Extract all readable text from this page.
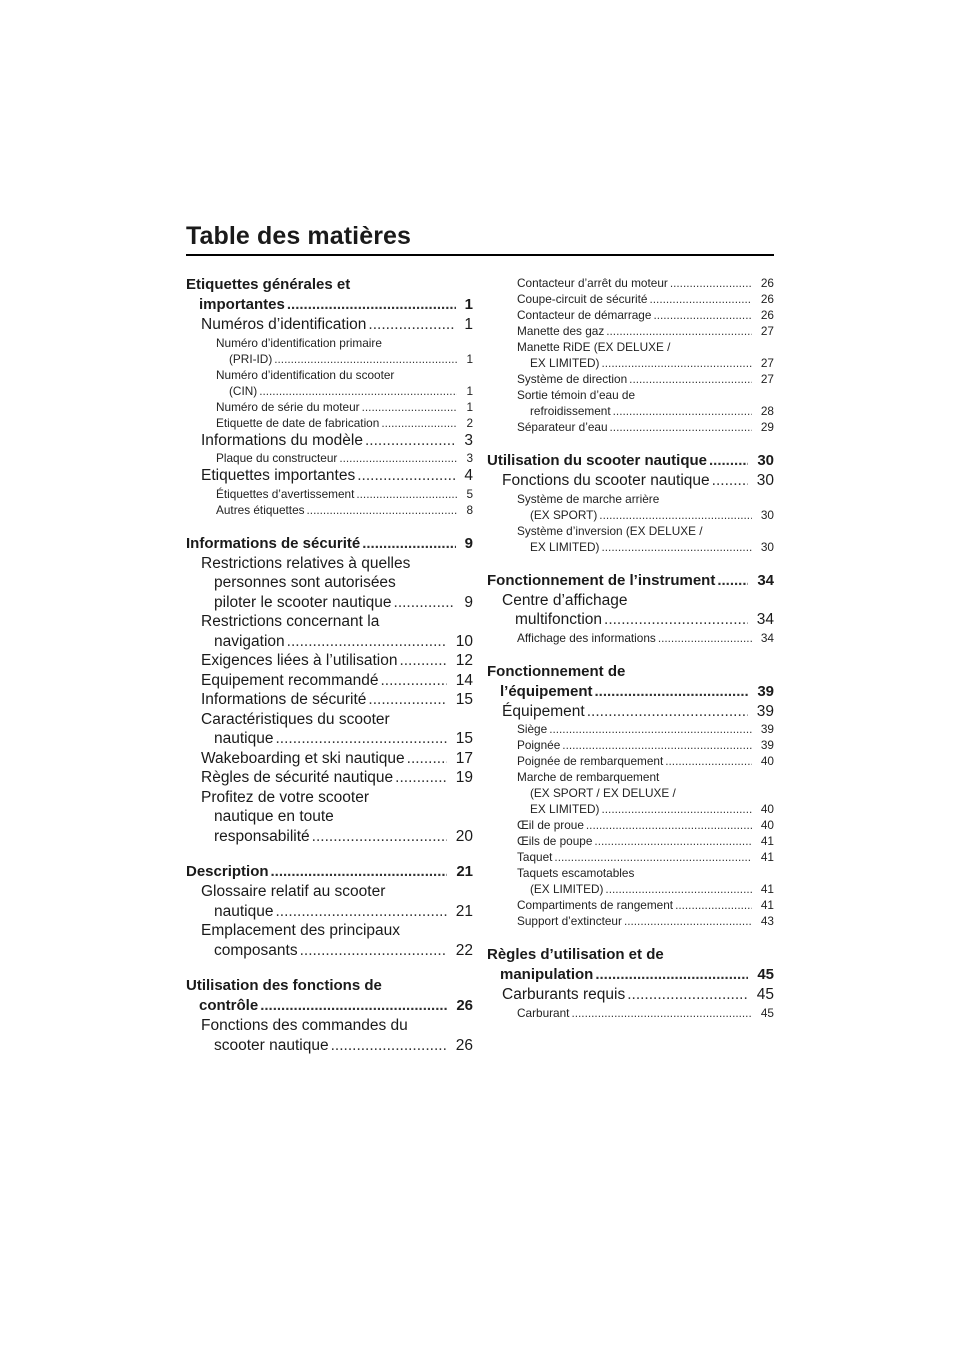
Table des matières
Etiquettes générales et
importantes .....	1
Numéros d’identification .....	1
Numéro d’identification primaire
(PRI-ID) .....	1
Numéro d’identification du scooter
(CIN) .....	1
Numéro de série du moteur .....	1
Etiquette de date de fabrication .....	2
Informations du modèle .....	3
Plaque du constructeur .....	3
Etiquettes importantes .....	4
Étiquettes d’avertissement .....	5
Autres étiquettes .....	8
Informations de sécurité .....	9
Restrictions relatives à quelles
personnes sont autorisées
piloter le scooter nautique .....	9
Restrictions concernant la
navigation .....	10
Exigences liées à l’utilisation .....	12
Equipement recommandé .....	14
Informations de sécurité .....	15
Caractéristiques du scooter
nautique .....	15
Wakeboarding et ski nautique .....	17
Règles de sécurité nautique .....	19
Profitez de votre scooter
nautique en toute
responsabilité .....	20
Description .....	21
Glossaire relatif au scooter
nautique .....	21
Emplacement des principaux
composants .....	22
Utilisation des fonctions de
contrôle .....	26
Fonctions des commandes du
scooter nautique .....	26
Contacteur d’arrêt du moteur .....	26
Coupe-circuit de sécurité .....	26
Contacteur de démarrage .....	26
Manette des gaz .....	27
Manette RiDE (EX DELUXE /
EX LIMITED) .....	27
Système de direction .....	27
Sortie témoin d’eau de
refroidissement .....	28
Séparateur d’eau .....	29
Utilisation du scooter nautique .....	30
Fonctions du scooter nautique .....	30
Système de marche arrière
(EX SPORT) .....	30
Système d’inversion (EX DELUXE /
EX LIMITED) .....	30
Fonctionnement de l’instrument .....	34
Centre d’affichage
multifonction .....	34
Affichage des informations .....	34
Fonctionnement de
l’équipement .....	39
Équipement .....	39
Siège .....	39
Poignée .....	39
Poignée de rembarquement .....	40
Marche de rembarquement
(EX SPORT / EX DELUXE /
EX LIMITED) .....	40
Œil de proue .....	40
Œils de poupe .....	41
Taquet .....	41
Taquets escamotables
(EX LIMITED) .....	41
Compartiments de rangement .....	41
Support d’extincteur .....	43
Règles d’utilisation et de
manipulation .....	45
Carburants requis .....	45
Carburant .....	45
